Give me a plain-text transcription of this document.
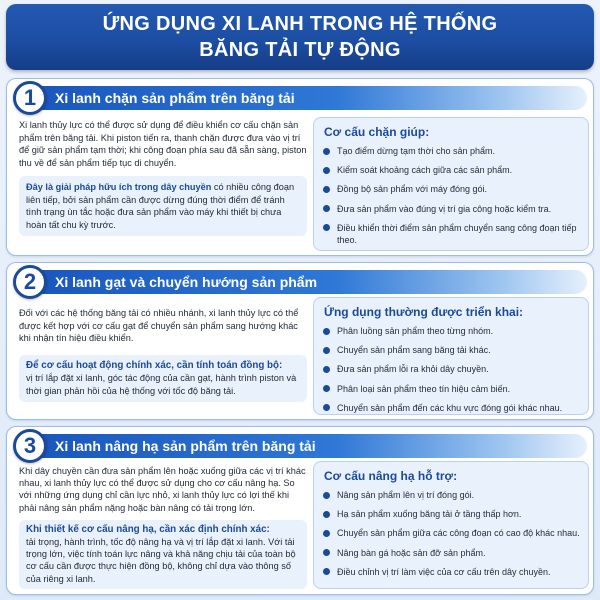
ỨNG DỤNG XI LANH TRONG HỆ THỐNG
BĂNG TẢI TỰ ĐỘNG
1	Xi lanh chặn sản phẩm trên băng tải

Xi lanh thủy lực có thể được sử dụng để điều khiển cơ cấu chặn sản phẩm trên băng tải. Khi piston tiến ra, thanh chặn được đưa vào vị trí để giữ sản phẩm tạm thời; khi công đoạn phía sau đã sẵn sàng, piston thu về để sản phẩm tiếp tục di chuyển.

Đây là giải pháp hữu ích trong dây chuyền có nhiều công đoạn liên tiếp, bởi sản phẩm cần được dừng đúng thời điểm để tránh tình trạng ùn tắc hoặc đưa sản phẩm vào máy khi thiết bị chưa hoàn tất chu kỳ trước.
Cơ cấu chặn giúp:
Tạo điểm dừng tạm thời cho sản phẩm.
Kiểm soát khoảng cách giữa các sản phẩm.
Đồng bộ sản phẩm với máy đóng gói.
Đưa sản phẩm vào đúng vị trí gia công hoặc kiểm tra.
Điều khiển thời điểm sản phẩm chuyển sang công đoạn tiếp theo.
2	Xi lanh gạt và chuyển hướng sản phẩm

Đối với các hệ thống băng tải có nhiều nhánh, xi lanh thủy lực có thể được kết hợp với cơ cấu gạt để chuyển sản phẩm sang hướng khác khi nhận tín hiệu điều khiển.

Để cơ cấu hoạt động chính xác, cần tính toán đồng bộ:
vị trí lắp đặt xi lanh, góc tác động của cần gạt, hành trình piston và thời gian phản hồi của hệ thống với tốc độ băng tải.
Ứng dụng thường được triển khai:
Phân luồng sản phẩm theo từng nhóm.
Chuyển sản phẩm sang băng tải khác.
Đưa sản phẩm lỗi ra khỏi dây chuyền.
Phân loại sản phẩm theo tín hiệu cảm biến.
Chuyển sản phẩm đến các khu vực đóng gói khác nhau.
3	Xi lanh nâng hạ sản phẩm trên băng tải

Khi dây chuyền cần đưa sản phẩm lên hoặc xuống giữa các vị trí khác nhau, xi lanh thủy lực có thể được sử dụng cho cơ cấu nâng hạ. So với những ứng dụng chỉ cần lực nhỏ, xi lanh thủy lực có lợi thế khi phải nâng sản phẩm nặng hoặc bàn nâng có tải trọng lớn.

Khi thiết kế cơ cấu nâng hạ, cần xác định chính xác:
tải trọng, hành trình, tốc độ nâng hạ và vị trí lắp đặt xi lanh. Với tải trọng lớn, việc tính toán lực nâng và khả năng chịu tải của toàn bộ cơ cấu cần được thực hiện đồng bộ, không chỉ dựa vào thông số của riêng xi lanh.
Cơ cấu nâng hạ hỗ trợ:
Nâng sản phẩm lên vị trí đóng gói.
Hạ sản phẩm xuống băng tải ở tầng thấp hơn.
Chuyển sản phẩm giữa các công đoạn có cao độ khác nhau.
Nâng bàn gá hoặc sản đỡ sản phẩm.
Điều chỉnh vị trí làm việc của cơ cấu trên dây chuyền.
